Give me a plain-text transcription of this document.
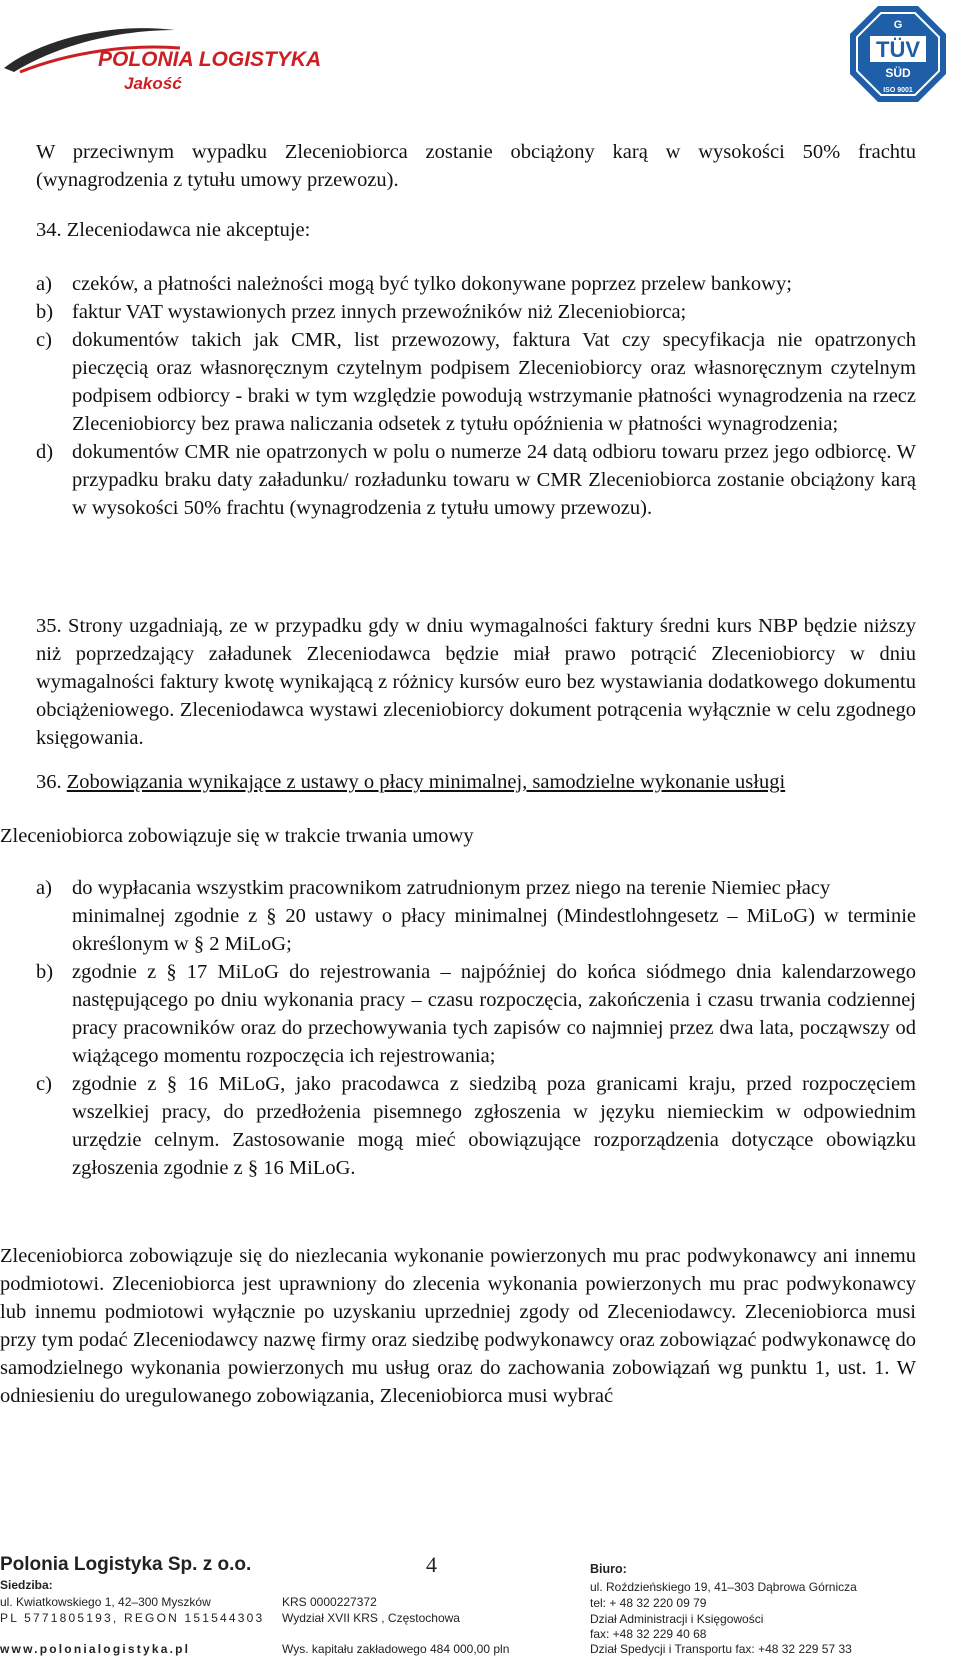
POLONIA LOGISTYKA
Jakość
G
TÜV
SÜD
ISO 9001

W przeciwnym wypadku Zleceniobiorca zostanie obciążony karą w wysokości 50% frachtu (wynagrodzenia z tytułu umowy przewozu).

34. Zleceniodawca nie akceptuje:

a) czeków, a płatności należności mogą być tylko dokonywane poprzez przelew bankowy;
b) faktur VAT wystawionych przez innych przewoźników niż Zleceniobiorca;
c) dokumentów takich jak CMR, list przewozowy, faktura Vat czy specyfikacja nie opatrzonych pieczęcią oraz własnoręcznym czytelnym podpisem Zleceniobiorcy oraz własnoręcznym czytelnym podpisem odbiorcy - braki w tym względzie powodują wstrzymanie płatności wynagrodzenia na rzecz Zleceniobiorcy bez prawa naliczania odsetek z tytułu opóźnienia w płatności wynagrodzenia;
d) dokumentów CMR nie opatrzonych w polu o numerze 24 datą odbioru towaru przez jego odbiorcę. W przypadku braku daty załadunku/ rozładunku towaru w CMR Zleceniobiorca zostanie obciążony karą w wysokości 50% frachtu (wynagrodzenia z tytułu umowy przewozu).

35. Strony uzgadniają, ze w przypadku gdy w dniu wymagalności faktury średni kurs NBP będzie niższy niż poprzedzający załadunek Zleceniodawca będzie miał prawo potrącić Zleceniobiorcy w dniu wymagalności faktury kwotę wynikającą z różnicy kursów euro bez wystawiania dodatkowego dokumentu obciążeniowego. Zleceniodawca wystawi zleceniobiorcy dokument potrącenia wyłącznie w celu zgodnego księgowania.

36. Zobowiązania wynikające z ustawy o płacy minimalnej, samodzielne wykonanie usługi

Zleceniobiorca zobowiązuje się w trakcie trwania umowy

a) do wypłacania wszystkim pracownikom zatrudnionym przez niego na terenie Niemiec płacy
minimalnej zgodnie z § 20 ustawy o płacy minimalnej (Mindestlohngesetz – MiLoG) w terminie określonym w § 2 MiLoG;
b) zgodnie z § 17 MiLoG do rejestrowania – najpóźniej do końca siódmego dnia kalendarzowego następującego po dniu wykonania pracy – czasu rozpoczęcia, zakończenia i czasu trwania codziennej pracy pracowników oraz do przechowywania tych zapisów co najmniej przez dwa lata, począwszy od wiążącego momentu rozpoczęcia ich rejestrowania;
c) zgodnie z § 16 MiLoG, jako pracodawca z siedzibą poza granicami kraju, przed rozpoczęciem wszelkiej pracy, do przedłożenia pisemnego zgłoszenia w języku niemieckim w odpowiednim urzędzie celnym. Zastosowanie mogą mieć obowiązujące rozporządzenia dotyczące obowiązku zgłoszenia zgodnie z § 16 MiLoG.

Zleceniobiorca zobowiązuje się do niezlecania wykonanie powierzonych mu prac podwykonawcy ani innemu podmiotowi. Zleceniobiorca jest uprawniony do zlecenia wykonania powierzonych mu prac podwykonawcy lub innemu podmiotowi wyłącznie po uzyskaniu uprzedniej zgody od Zleceniodawcy. Zleceniobiorca musi przy tym podać Zleceniodawcy nazwę firmy oraz siedzibę podwykonawcy oraz zobowiązać podwykonawcę do samodzielnego wykonania powierzonych mu usług oraz do zachowania zobowiązań wg punktu 1, ust. 1. W odniesieniu do uregulowanego zobowiązania, Zleceniobiorca musi wybrać

Polonia Logistyka Sp. z o.o.	4	Biuro:
Siedziba:
ul. Kwiatkowskiego 1, 42–300 Myszków
PL 5771805193, REGON 151544303
www.polonialogistyka.pl
KRS 0000227372
Wydział XVII KRS , Częstochowa
Wys. kapitału zakładowego 484 000,00 pln
ul. Roździeńskiego 19, 41–303 Dąbrowa Górnicza
tel: + 48 32 220 09 79
Dział Administracji i Księgowości
fax: +48 32 229 40 68
Dział Spedycji i Transportu fax: +48 32 229 57 33
